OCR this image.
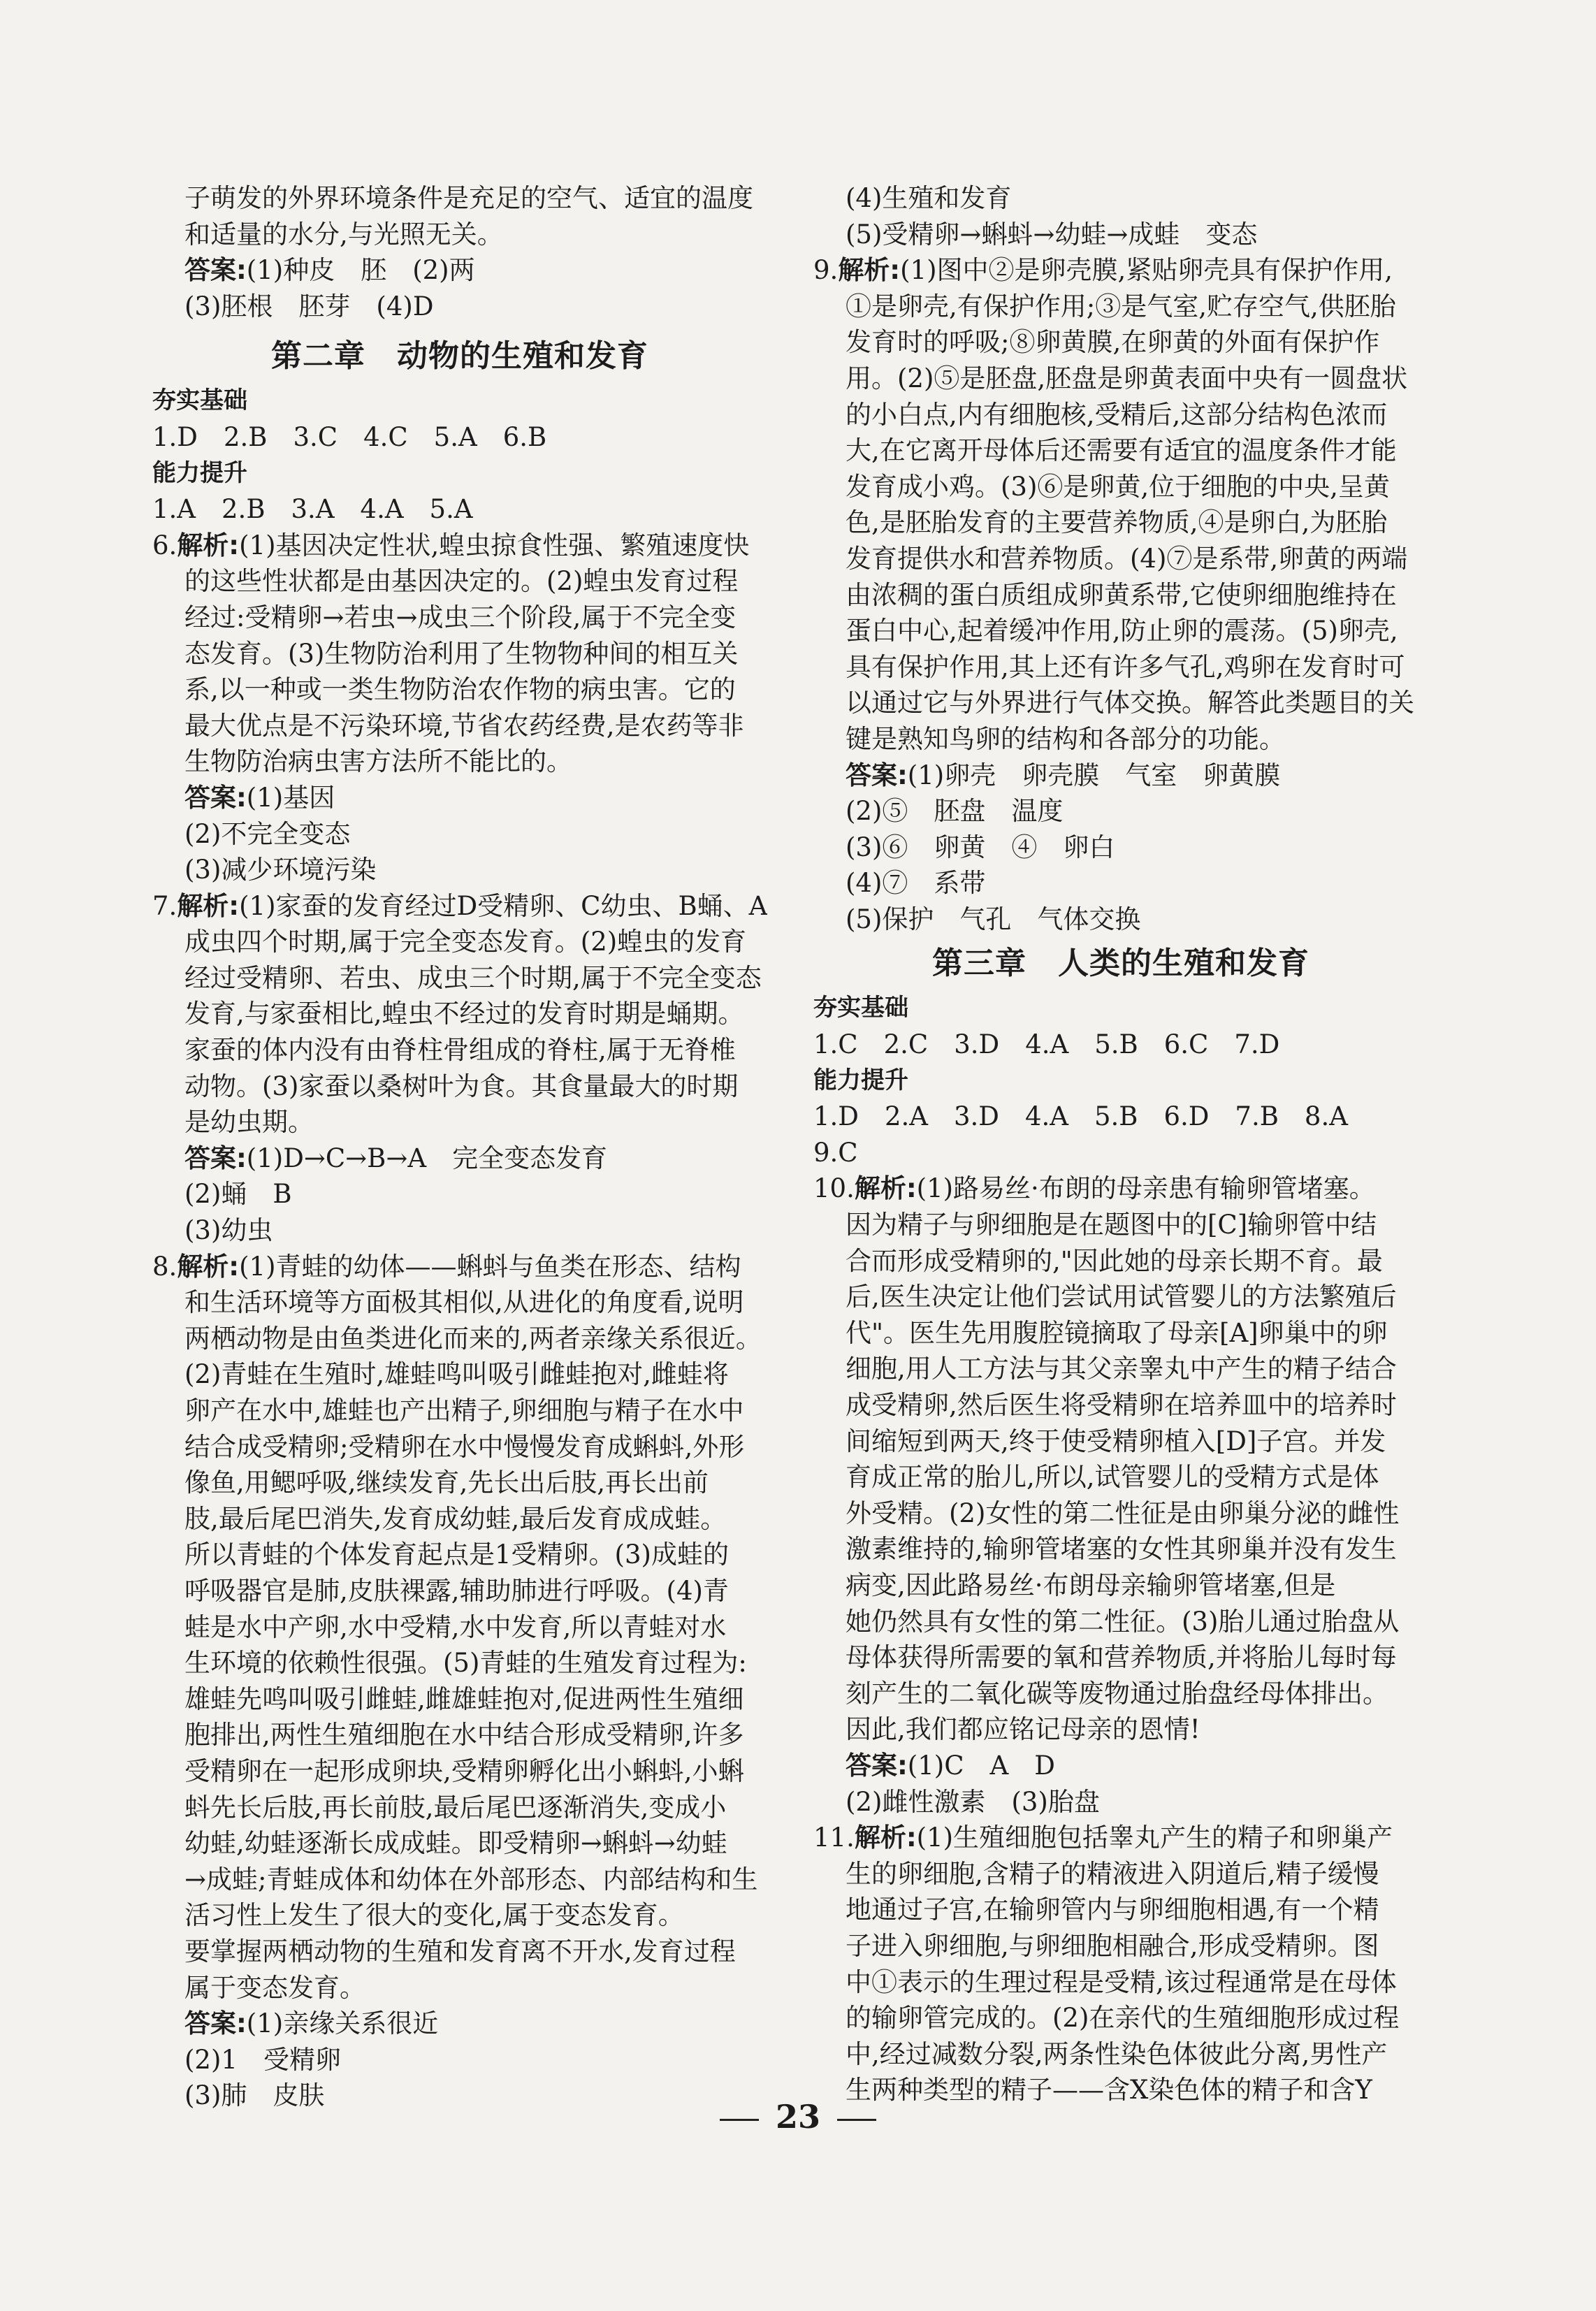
子萌发的外界环境条件是充足的空气、适宜的温度
和适量的水分,与光照无关。
答案:(1)种皮　胚　(2)两
(3)胚根　胚芽　(4)D
第二章　动物的生殖和发育
夯实基础
1.D　2.B　3.C　4.C　5.A　6.B
能力提升
1.A　2.B　3.A　4.A　5.A
6.解析:(1)基因决定性状,蝗虫掠食性强、繁殖速度快
的这些性状都是由基因决定的。(2)蝗虫发育过程
经过:受精卵→若虫→成虫三个阶段,属于不完全变
态发育。(3)生物防治利用了生物物种间的相互关
系,以一种或一类生物防治农作物的病虫害。它的
最大优点是不污染环境,节省农药经费,是农药等非
生物防治病虫害方法所不能比的。
答案:(1)基因
(2)不完全变态
(3)减少环境污染
7.解析:(1)家蚕的发育经过D受精卵、C幼虫、B蛹、A
成虫四个时期,属于完全变态发育。(2)蝗虫的发育
经过受精卵、若虫、成虫三个时期,属于不完全变态
发育,与家蚕相比,蝗虫不经过的发育时期是蛹期。
家蚕的体内没有由脊柱骨组成的脊柱,属于无脊椎
动物。(3)家蚕以桑树叶为食。其食量最大的时期
是幼虫期。
答案:(1)D→C→B→A　完全变态发育
(2)蛹　B
(3)幼虫
8.解析:(1)青蛙的幼体——蝌蚪与鱼类在形态、结构
和生活环境等方面极其相似,从进化的角度看,说明
两栖动物是由鱼类进化而来的,两者亲缘关系很近。
(2)青蛙在生殖时,雄蛙鸣叫吸引雌蛙抱对,雌蛙将
卵产在水中,雄蛙也产出精子,卵细胞与精子在水中
结合成受精卵;受精卵在水中慢慢发育成蝌蚪,外形
像鱼,用鳃呼吸,继续发育,先长出后肢,再长出前
肢,最后尾巴消失,发育成幼蛙,最后发育成成蛙。
所以青蛙的个体发育起点是1受精卵。(3)成蛙的
呼吸器官是肺,皮肤裸露,辅助肺进行呼吸。(4)青
蛙是水中产卵,水中受精,水中发育,所以青蛙对水
生环境的依赖性很强。(5)青蛙的生殖发育过程为:
雄蛙先鸣叫吸引雌蛙,雌雄蛙抱对,促进两性生殖细
胞排出,两性生殖细胞在水中结合形成受精卵,许多
受精卵在一起形成卵块,受精卵孵化出小蝌蚪,小蝌
蚪先长后肢,再长前肢,最后尾巴逐渐消失,变成小
幼蛙,幼蛙逐渐长成成蛙。即受精卵→蝌蚪→幼蛙
→成蛙;青蛙成体和幼体在外部形态、内部结构和生
活习性上发生了很大的变化,属于变态发育。
要掌握两栖动物的生殖和发育离不开水,发育过程
属于变态发育。
答案:(1)亲缘关系很近
(2)1　受精卵
(3)肺　皮肤
(4)生殖和发育
(5)受精卵→蝌蚪→幼蛙→成蛙　变态
9.解析:(1)图中②是卵壳膜,紧贴卵壳具有保护作用,
①是卵壳,有保护作用;③是气室,贮存空气,供胚胎
发育时的呼吸;⑧卵黄膜,在卵黄的外面有保护作
用。(2)⑤是胚盘,胚盘是卵黄表面中央有一圆盘状
的小白点,内有细胞核,受精后,这部分结构色浓而
大,在它离开母体后还需要有适宜的温度条件才能
发育成小鸡。(3)⑥是卵黄,位于细胞的中央,呈黄
色,是胚胎发育的主要营养物质,④是卵白,为胚胎
发育提供水和营养物质。(4)⑦是系带,卵黄的两端
由浓稠的蛋白质组成卵黄系带,它使卵细胞维持在
蛋白中心,起着缓冲作用,防止卵的震荡。(5)卵壳,
具有保护作用,其上还有许多气孔,鸡卵在发育时可
以通过它与外界进行气体交换。解答此类题目的关
键是熟知鸟卵的结构和各部分的功能。
答案:(1)卵壳　卵壳膜　气室　卵黄膜
(2)⑤　胚盘　温度
(3)⑥　卵黄　④　卵白
(4)⑦　系带
(5)保护　气孔　气体交换
第三章　人类的生殖和发育
夯实基础
1.C　2.C　3.D　4.A　5.B　6.C　7.D
能力提升
1.D　2.A　3.D　4.A　5.B　6.D　7.B　8.A
9.C
10.解析:(1)路易丝·布朗的母亲患有输卵管堵塞。
因为精子与卵细胞是在题图中的[C]输卵管中结
合而形成受精卵的,"因此她的母亲长期不育。最
后,医生决定让他们尝试用试管婴儿的方法繁殖后
代"。医生先用腹腔镜摘取了母亲[A]卵巢中的卵
细胞,用人工方法与其父亲睾丸中产生的精子结合
成受精卵,然后医生将受精卵在培养皿中的培养时
间缩短到两天,终于使受精卵植入[D]子宫。并发
育成正常的胎儿,所以,试管婴儿的受精方式是体
外受精。(2)女性的第二性征是由卵巢分泌的雌性
激素维持的,输卵管堵塞的女性其卵巢并没有发生
病变,因此路易丝·布朗母亲输卵管堵塞,但是
她仍然具有女性的第二性征。(3)胎儿通过胎盘从
母体获得所需要的氧和营养物质,并将胎儿每时每
刻产生的二氧化碳等废物通过胎盘经母体排出。
因此,我们都应铭记母亲的恩情!
答案:(1)C　A　D
(2)雌性激素　(3)胎盘
11.解析:(1)生殖细胞包括睾丸产生的精子和卵巢产
生的卵细胞,含精子的精液进入阴道后,精子缓慢
地通过子宫,在输卵管内与卵细胞相遇,有一个精
子进入卵细胞,与卵细胞相融合,形成受精卵。图
中①表示的生理过程是受精,该过程通常是在母体
的输卵管完成的。(2)在亲代的生殖细胞形成过程
中,经过减数分裂,两条性染色体彼此分离,男性产
生两种类型的精子——含X染色体的精子和含Y
23
